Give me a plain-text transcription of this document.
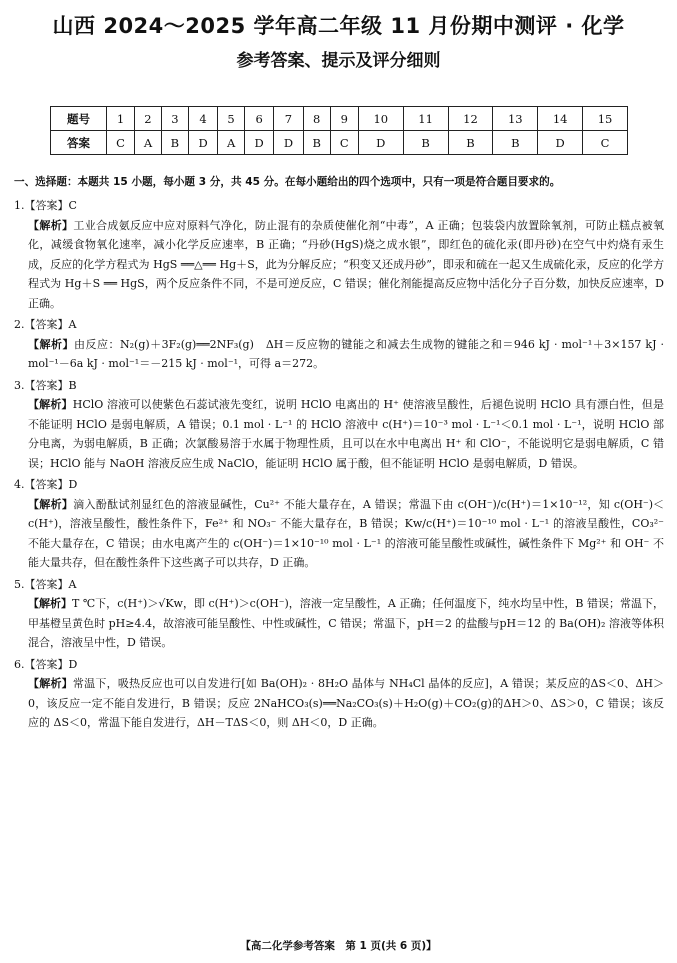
山西 2024～2025 学年高二年级 11 月份期中测评 · 化学
参考答案、提示及评分细则
题号	1	2	3	4	5	6	7	8	9	10	11	12	13	14	15
答案	C	A	B	D	A	D	D	B	C	D	B	B	B	D	C
一、选择题：本题共 15 小题，每小题 3 分，共 45 分。在每小题给出的四个选项中，只有一项是符合题目要求的。
1.【答案】C
【解析】工业合成氨反应中应对原料气净化，防止混有的杂质使催化剂“中毒”，A 正确；包装袋内放置除氧剂，可防止糕点被氧化，减缓食物氧化速率，减小化学反应速率，B 正确；“丹砂(HgS)烧之成水银”，即红色的硫化汞(即丹砂)在空气中灼烧有汞生成，反应的化学方程式为 HgS ══△══ Hg＋S，此为分解反应；“积变又还成丹砂”，即汞和硫在一起又生成硫化汞，反应的化学方程式为 Hg＋S ══ HgS，两个反应条件不同，不是可逆反应，C 错误；催化剂能提高反应物中活化分子百分数，加快反应速率，D 正确。
2.【答案】A
【解析】由反应：N₂(g)＋3F₂(g)══2NF₃(g)　ΔH＝反应物的键能之和减去生成物的键能之和＝946 kJ · mol⁻¹＋3×157 kJ · mol⁻¹－6a kJ · mol⁻¹＝－215 kJ · mol⁻¹，可得 a＝272。
3.【答案】B
【解析】HClO 溶液可以使紫色石蕊试液先变红，说明 HClO 电离出的 H⁺ 使溶液呈酸性，后褪色说明 HClO 具有漂白性，但是不能证明 HClO 是弱电解质，A 错误；0.1 mol · L⁻¹ 的 HClO 溶液中 c(H⁺)＝10⁻³ mol · L⁻¹＜0.1 mol · L⁻¹，说明 HClO 部分电离，为弱电解质，B 正确；次氯酸易溶于水属于物理性质，且可以在水中电离出 H⁺ 和 ClO⁻，不能说明它是弱电解质，C 错误；HClO 能与 NaOH 溶液反应生成 NaClO，能证明 HClO 属于酸，但不能证明 HClO 是弱电解质，D 错误。
4.【答案】D
【解析】滴入酚酞试剂显红色的溶液显碱性，Cu²⁺ 不能大量存在，A 错误；常温下由 c(OH⁻)/c(H⁺)＝1×10⁻¹²，知 c(OH⁻)＜c(H⁺)，溶液呈酸性，酸性条件下，Fe²⁺ 和 NO₃⁻ 不能大量存在，B 错误；Kw/c(H⁺)＝10⁻¹⁰ mol · L⁻¹ 的溶液呈酸性，CO₃²⁻ 不能大量存在，C 错误；由水电离产生的 c(OH⁻)＝1×10⁻¹⁰ mol · L⁻¹ 的溶液可能呈酸性或碱性，碱性条件下 Mg²⁺ 和 OH⁻ 不能大量共存，但在酸性条件下这些离子可以共存，D 正确。
5.【答案】A
【解析】T ℃下，c(H⁺)＞√Kw，即 c(H⁺)＞c(OH⁻)，溶液一定呈酸性，A 正确；任何温度下，纯水均呈中性，B 错误；常温下，甲基橙呈黄色时 pH≥4.4，故溶液可能呈酸性、中性或碱性，C 错误；常温下，pH＝2 的盐酸与pH＝12 的 Ba(OH)₂ 溶液等体积混合，溶液呈中性，D 错误。
6.【答案】D
【解析】常温下，吸热反应也可以自发进行[如 Ba(OH)₂ · 8H₂O 晶体与 NH₄Cl 晶体的反应]，A 错误；某反应的ΔS＜0、ΔH＞0，该反应一定不能自发进行，B 错误；反应 2NaHCO₃(s)══Na₂CO₃(s)＋H₂O(g)＋CO₂(g)的ΔH＞0、ΔS＞0，C 错误；该反应的 ΔS＜0，常温下能自发进行，ΔH－TΔS＜0，则 ΔH＜0，D 正确。
【高二化学参考答案　第 1 页(共 6 页)】
